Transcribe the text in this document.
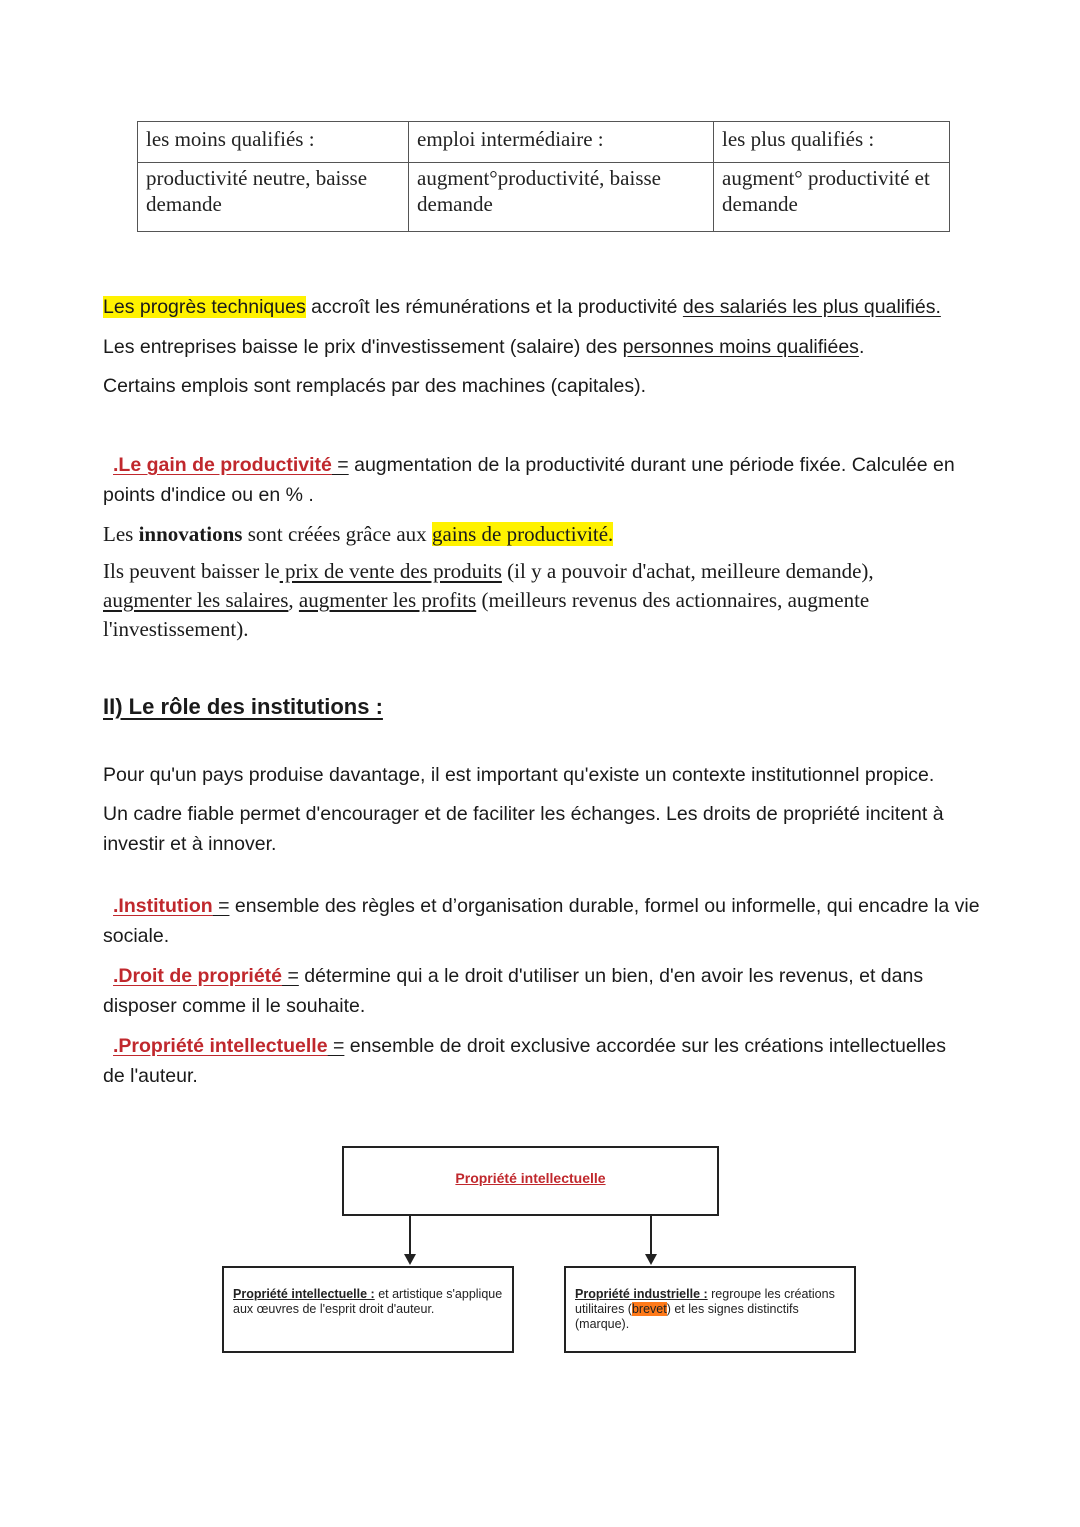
les moins qualifiés :	emploi intermédiaire :	les plus qualifiés :
productivité neutre, baisse demande	augment°productivité, baisse demande	augment° productivité et demande
Les progrès techniques accroît les rémunérations et la productivité des salariés les plus qualifiés.
Les entreprises baisse le prix d'investissement (salaire) des personnes moins qualifiées.
Certains emplois sont remplacés par des machines (capitales).
.Le gain de productivité = augmentation de la productivité durant une période fixée. Calculée en points d'indice ou en % .
Les innovations sont créées grâce aux gains de productivité.
Ils peuvent baisser le prix de vente des produits (il y a pouvoir d'achat, meilleure demande), augmenter les salaires, augmenter les profits (meilleurs revenus des actionnaires, augmente l'investissement).
II) Le rôle des institutions :
Pour qu'un pays produise davantage, il est important qu'existe un contexte institutionnel propice.
Un cadre fiable permet d'encourager et de faciliter les échanges. Les droits de propriété incitent à investir et à innover.
.Institution = ensemble des règles et d’organisation durable, formel ou informelle, qui encadre la vie sociale.
.Droit de propriété = détermine qui a le droit d'utiliser un bien, d'en avoir les revenus, et dans disposer comme il le souhaite.
.Propriété intellectuelle = ensemble de droit exclusive accordée sur les créations intellectuelles de l'auteur.
Propriété intellectuelle
Propriété intellectuelle : et artistique s'applique aux œuvres de l'esprit droit d'auteur.
Propriété industrielle : regroupe les créations utilitaires (brevet) et les signes distinctifs (marque).
